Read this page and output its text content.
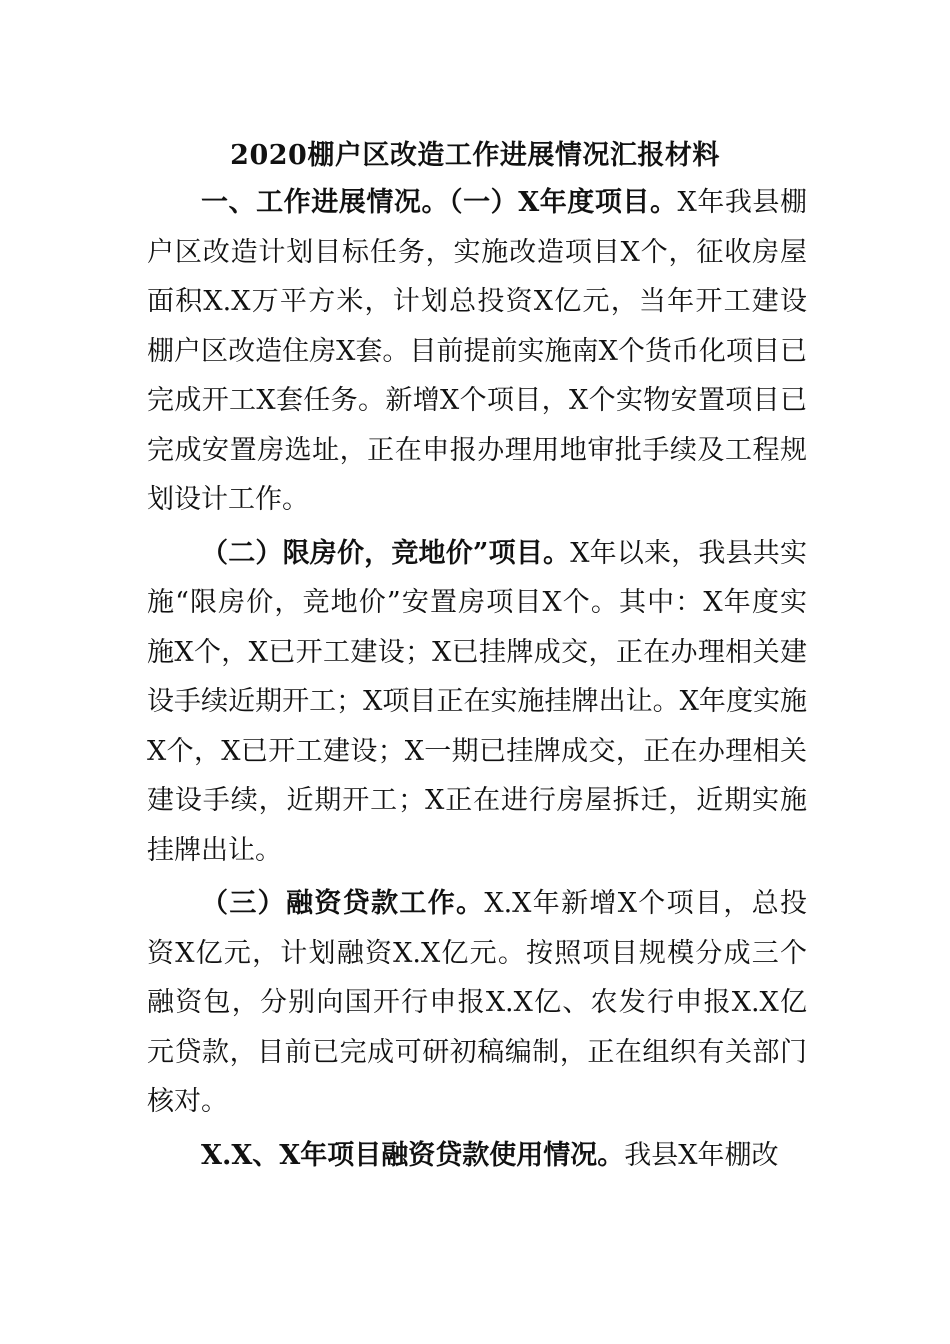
2020棚户区改造工作进展情况汇报材料

一、工作进展情况。（一）X年度项目。X年我县棚户区改造计划目标任务，实施改造项目X个，征收房屋面积X.X万平方米，计划总投资X亿元，当年开工建设棚户区改造住房X套。目前提前实施南X个货币化项目已完成开工X套任务。新增X个项目，X个实物安置项目已完成安置房选址，正在申报办理用地审批手续及工程规划设计工作。

（二）限房价，竞地价”项目。X年以来，我县共实施“限房价，竞地价”安置房项目X个。其中：X年度实施X个，X已开工建设；X已挂牌成交，正在办理相关建设手续近期开工；X项目正在实施挂牌出让。X年度实施X个，X已开工建设；X一期已挂牌成交，正在办理相关建设手续，近期开工；X正在进行房屋拆迁，近期实施挂牌出让。

（三）融资贷款工作。X.X年新增X个项目，总投资X亿元，计划融资X.X亿元。按照项目规模分成三个融资包，分别向国开行申报X.X亿、农发行申报X.X亿元贷款，目前已完成可研初稿编制，正在组织有关部门核对。

X.X、X年项目融资贷款使用情况。我县X年棚改
